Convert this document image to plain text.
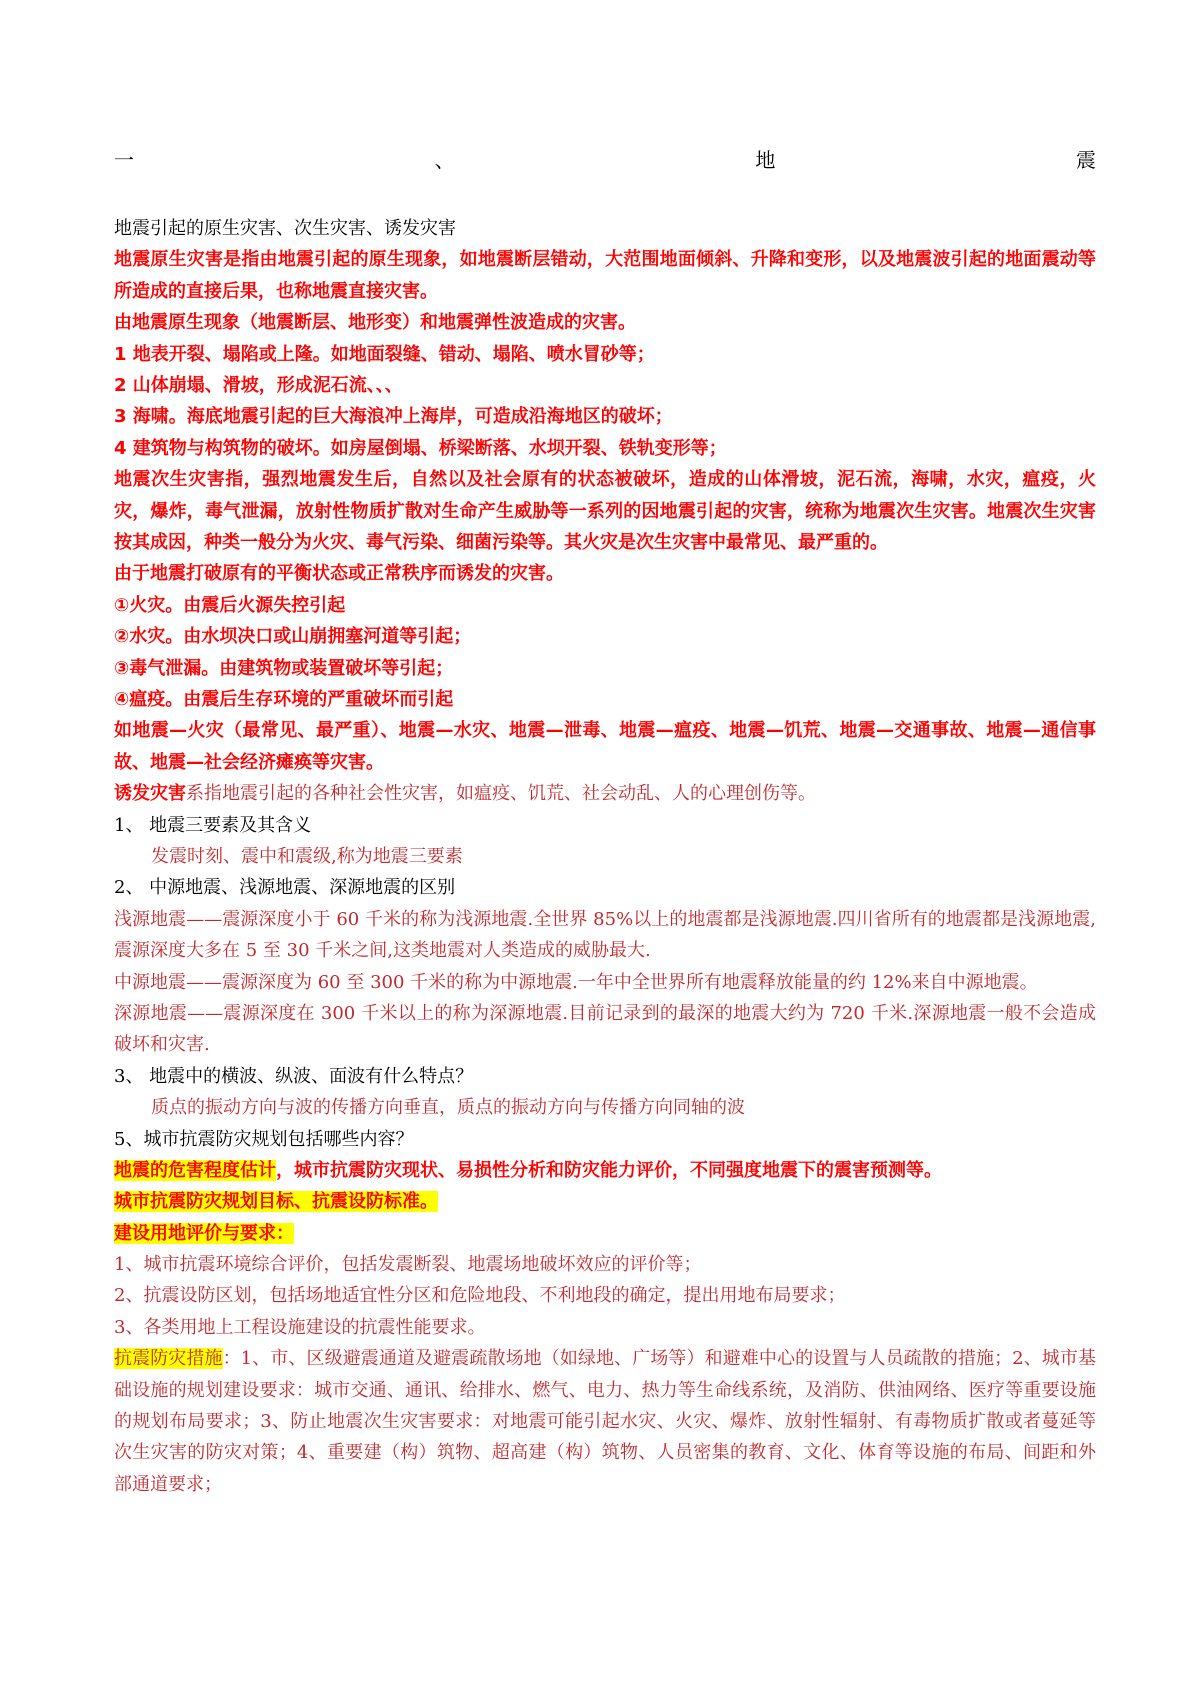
一	、	地	震

地震引起的原生灾害、次生灾害、诱发灾害

地震原生灾害是指由地震引起的原生现象，如地震断层错动，大范围地面倾斜、升降和变形，以及地震波引起的地面震动等所造成的直接后果，也称地震直接灾害。

由地震原生现象（地震断层、地形变）和地震弹性波造成的灾害。

1 地表开裂、塌陷或上隆。如地面裂缝、错动、塌陷、喷水冒砂等；

2 山体崩塌、滑坡，形成泥石流、、、

3 海啸。海底地震引起的巨大海浪冲上海岸，可造成沿海地区的破坏；

4 建筑物与构筑物的破坏。如房屋倒塌、桥梁断落、水坝开裂、铁轨变形等；

地震次生灾害指，强烈地震发生后，自然以及社会原有的状态被破坏，造成的山体滑坡，泥石流，海啸，水灾，瘟疫，火灾，爆炸，毒气泄漏，放射性物质扩散对生命产生威胁等一系列的因地震引起的灾害，统称为地震次生灾害。地震次生灾害按其成因，种类一般分为火灾、毒气污染、细菌污染等。其火灾是次生灾害中最常见、最严重的。

由于地震打破原有的平衡状态或正常秩序而诱发的灾害。

①火灾。由震后火源失控引起

②水灾。由水坝决口或山崩拥塞河道等引起；

③毒气泄漏。由建筑物或装置破坏等引起；

④瘟疫。由震后生存环境的严重破坏而引起

如地震—火灾（最常见、最严重）、地震—水灾、地震—泄毒、地震—瘟疫、地震—饥荒、地震—交通事故、地震—通信事故、地震—社会经济瘫痪等灾害。

诱发灾害系指地震引起的各种社会性灾害，如瘟疫、饥荒、社会动乱、人的心理创伤等。

1、 地震三要素及其含义

发震时刻、震中和震级,称为地震三要素

2、 中源地震、浅源地震、深源地震的区别

浅源地震——震源深度小于 60 千米的称为浅源地震.全世界 85%以上的地震都是浅源地震.四川省所有的地震都是浅源地震,震源深度大多在 5 至 30 千米之间,这类地震对人类造成的威胁最大.

中源地震——震源深度为 60 至 300 千米的称为中源地震.一年中全世界所有地震释放能量的约 12%来自中源地震。

深源地震——震源深度在 300 千米以上的称为深源地震.目前记录到的最深的地震大约为 720 千米.深源地震一般不会造成破坏和灾害.

3、 地震中的横波、纵波、面波有什么特点？

质点的振动方向与波的传播方向垂直，质点的振动方向与传播方向同轴的波

5、城市抗震防灾规划包括哪些内容？

地震的危害程度估计，城市抗震防灾现状、易损性分析和防灾能力评价，不同强度地震下的震害预测等。

城市抗震防灾规划目标、抗震设防标准。

建设用地评价与要求：

1、城市抗震环境综合评价，包括发震断裂、地震场地破坏效应的评价等；

2、抗震设防区划，包括场地适宜性分区和危险地段、不利地段的确定，提出用地布局要求；

3、各类用地上工程设施建设的抗震性能要求。

抗震防灾措施：1、市、区级避震通道及避震疏散场地（如绿地、广场等）和避难中心的设置与人员疏散的措施；2、城市基础设施的规划建设要求：城市交通、通讯、给排水、燃气、电力、热力等生命线系统，及消防、供油网络、医疗等重要设施的规划布局要求；3、防止地震次生灾害要求：对地震可能引起水灾、火灾、爆炸、放射性辐射、有毒物质扩散或者蔓延等次生灾害的防灾对策；4、重要建（构）筑物、超高建（构）筑物、人员密集的教育、文化、体育等设施的布局、间距和外部通道要求；
